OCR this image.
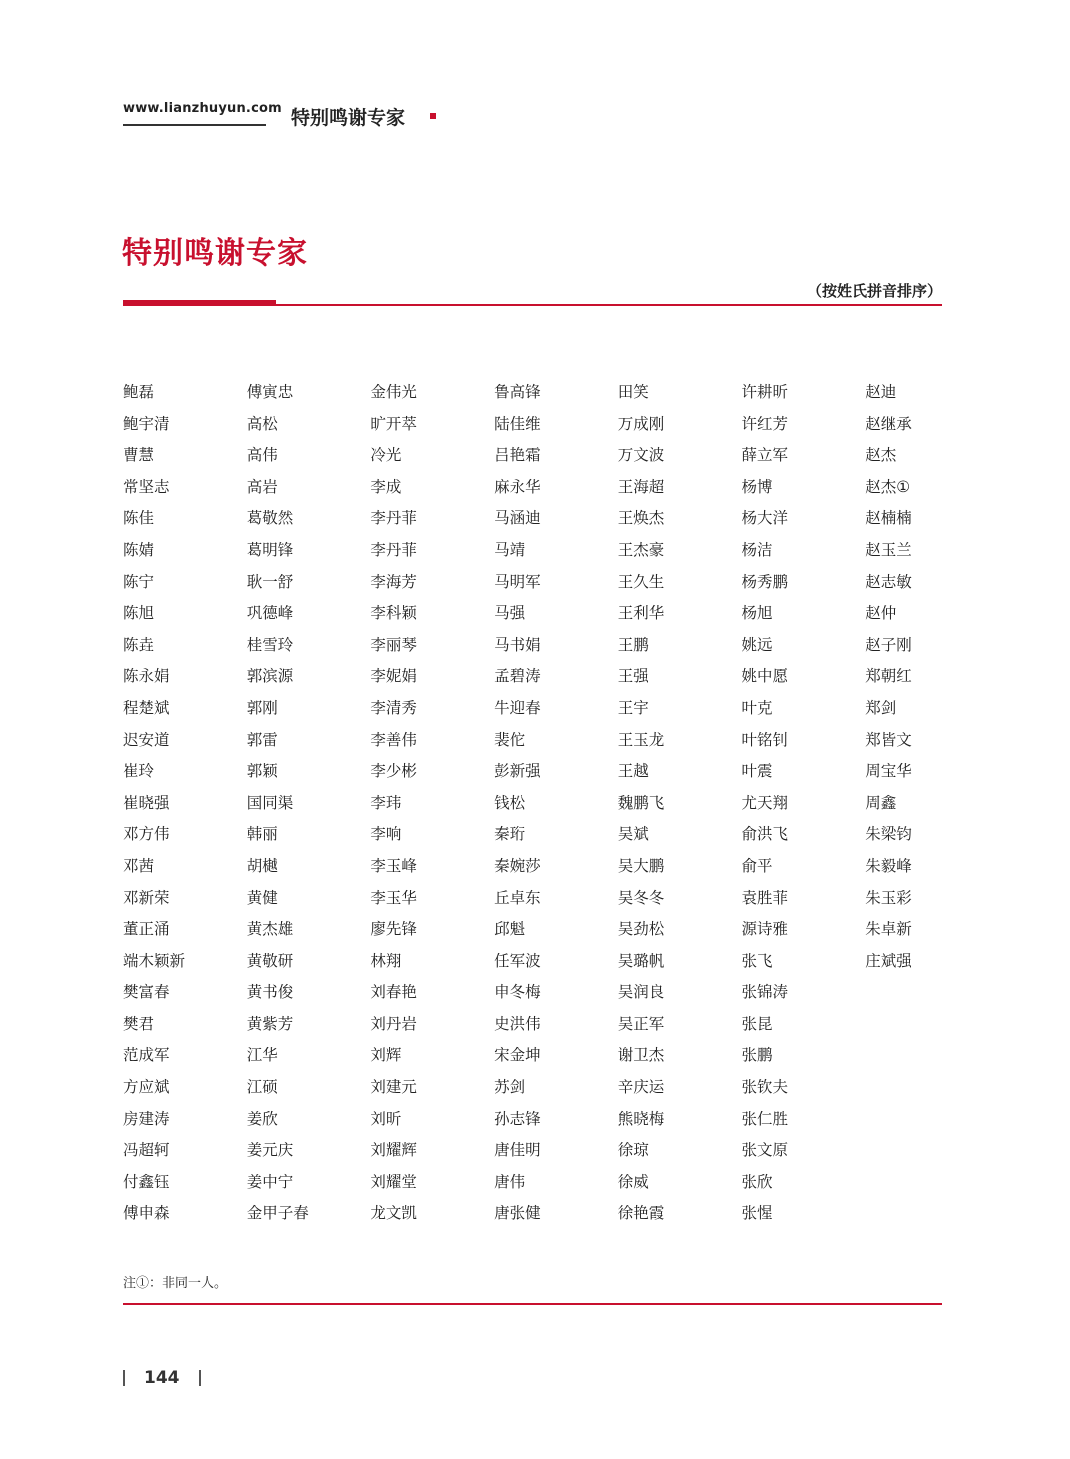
www.lianzhuyun.com 特别鸣谢专家
特别鸣谢专家
（按姓氏拼音排序）
鲍磊
鲍宇清
曹慧
常坚志
陈佳
陈婧
陈宁
陈旭
陈垚
陈永娟
程楚斌
迟安道
崔玲
崔晓强
邓方伟
邓茜
邓新荣
董正涌
端木颖新
樊富春
樊君
范成军
方应斌
房建涛
冯超轲
付鑫钰
傅申森
傅寅忠
高松
高伟
高岩
葛敬然
葛明锋
耿一舒
巩德峰
桂雪玲
郭滨源
郭刚
郭雷
郭颖
国同渠
韩丽
胡樾
黄健
黄杰雄
黄敬研
黄书俊
黄紫芳
江华
江硕
姜欣
姜元庆
姜中宁
金甲子春
金伟光
旷开萃
冷光
李成
李丹菲
李丹菲
李海芳
李科颖
李丽琴
李妮娟
李清秀
李善伟
李少彬
李玮
李响
李玉峰
李玉华
廖先锋
林翔
刘春艳
刘丹岩
刘辉
刘建元
刘昕
刘耀辉
刘耀堂
龙文凯
鲁高锋
陆佳维
吕艳霜
麻永华
马涵迪
马靖
马明军
马强
马书娟
孟碧涛
牛迎春
裴佗
彭新强
钱松
秦珩
秦婉莎
丘卓东
邱魁
任军波
申冬梅
史洪伟
宋金坤
苏剑
孙志锋
唐佳明
唐伟
唐张健
田笑
万成刚
万文波
王海超
王焕杰
王杰豪
王久生
王利华
王鹏
王强
王宇
王玉龙
王越
魏鹏飞
吴斌
吴大鹏
吴冬冬
吴劲松
吴璐帆
吴润良
吴正军
谢卫杰
辛庆运
熊晓梅
徐琼
徐威
徐艳霞
许耕昕
许红芳
薛立军
杨博
杨大洋
杨洁
杨秀鹏
杨旭
姚远
姚中愿
叶克
叶铭钊
叶震
尤天翔
俞洪飞
俞平
袁胜菲
源诗雅
张飞
张锦涛
张昆
张鹏
张钦夫
张仁胜
张文原
张欣
张惺
赵迪
赵继承
赵杰
赵杰①
赵楠楠
赵玉兰
赵志敏
赵仲
赵子刚
郑朝红
郑剑
郑皆文
周宝华
周鑫
朱梁钧
朱毅峰
朱玉彩
朱卓新
庄斌强
注①：非同一人。
144
